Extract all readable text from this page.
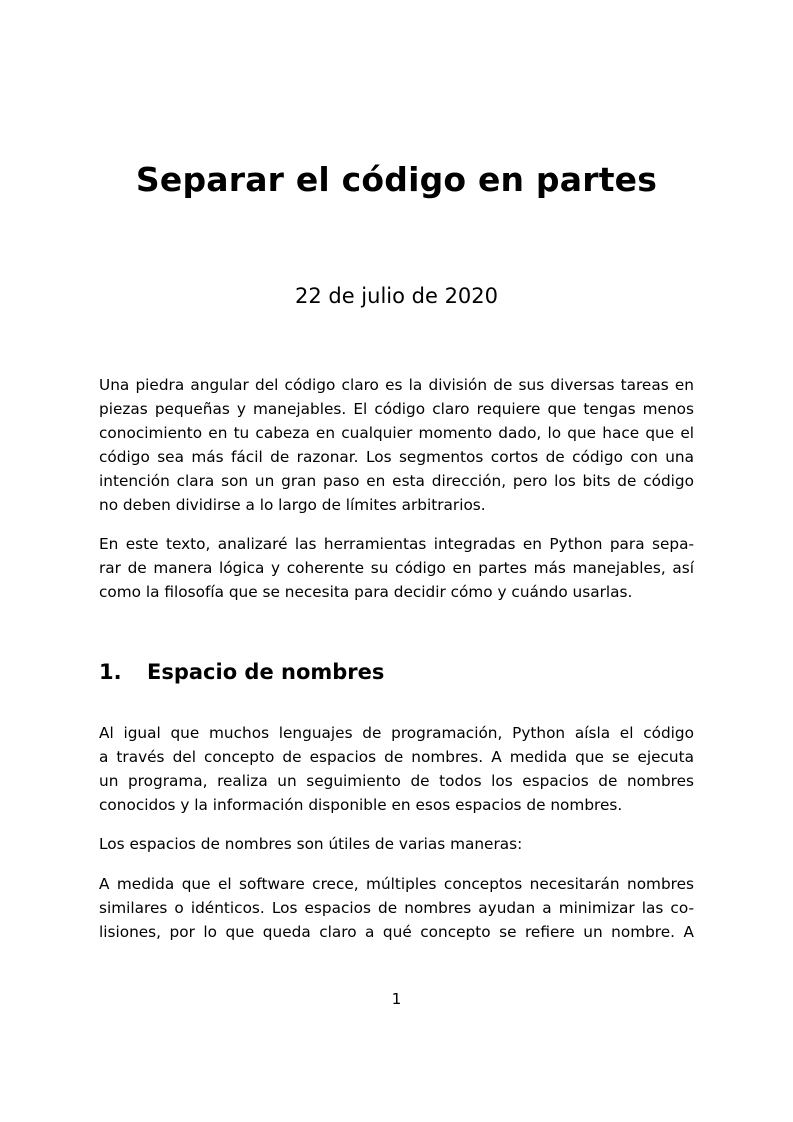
Separar el código en partes
22 de julio de 2020
Una piedra angular del código claro es la división de sus diversas tareas en
piezas pequeñas y manejables. El código claro requiere que tengas menos
conocimiento en tu cabeza en cualquier momento dado, lo que hace que el
código sea más fácil de razonar. Los segmentos cortos de código con una
intención clara son un gran paso en esta dirección, pero los bits de código
no deben dividirse a lo largo de límites arbitrarios.
En este texto, analizaré las herramientas integradas en Python para sepa-
rar de manera lógica y coherente su código en partes más manejables, así
como la filosofía que se necesita para decidir cómo y cuándo usarlas.
1. Espacio de nombres
Al igual que muchos lenguajes de programación, Python aísla el código
a través del concepto de espacios de nombres. A medida que se ejecuta
un programa, realiza un seguimiento de todos los espacios de nombres
conocidos y la información disponible en esos espacios de nombres.
Los espacios de nombres son útiles de varias maneras:
A medida que el software crece, múltiples conceptos necesitarán nombres
similares o idénticos. Los espacios de nombres ayudan a minimizar las co-
lisiones, por lo que queda claro a qué concepto se refiere un nombre. A
1
